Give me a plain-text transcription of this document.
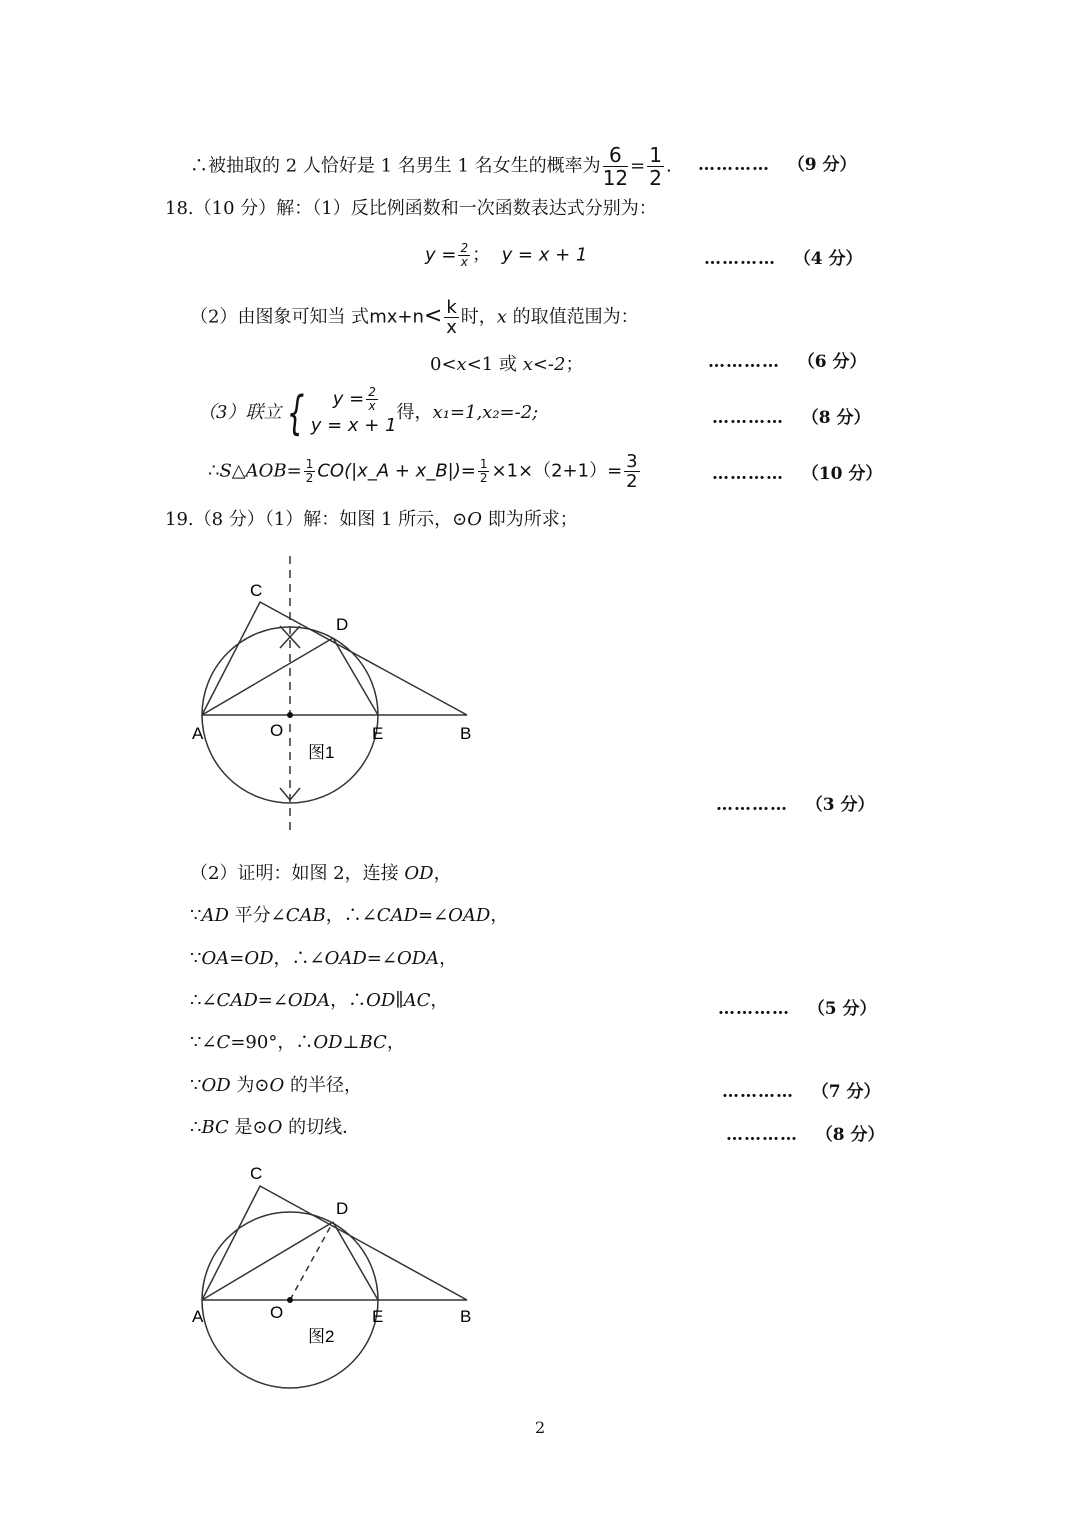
∴被抽取的 2 人恰好是 1 名男生 1 名女生的概率为 $\frac{6}{12} = \frac{1}{2}$ . ………… （9 分）
18.（10 分）解：（1）反比例函数和一次函数表达式分别为：
$y = \frac{2}{x}$ ； y = x + 1	………… （4 分）
（2）由图象可知当 式$mx+n< \frac{k}{x}$ 时，x 的取值范围为：
0<x<1 或 x<-2；	………… （6 分）
（3）联立 {	$y = \frac{2}{x}$
y = x + 1
得，x₁=1,x₂=-2;	………… （8 分）
∴S△AOB= $\frac{1}{2}$ CO(|x_A + x_B|)= $\frac{1}{2} \times 1\times(2+1)= \frac{3}{2}$	………… （10 分）
19.（8 分）（1）解：如图 1 所示，⊙O 即为所求；
C
D
A	O	E	B
图1
………… （3 分）
（2）证明：如图 2，连接 OD，
∵AD 平分∠CAB，∴∠CAD=∠OAD，
∵OA=OD，∴∠OAD=∠ODA，
∴∠CAD=∠ODA，∴OD∥AC，	………… （5 分）
∵∠C=90°，∴OD⊥BC，
∵OD 为⊙O 的半径，	………… （7 分）
∴BC 是⊙O 的切线．	………… （8 分）
C
D
A	O	E	B
图2
2
